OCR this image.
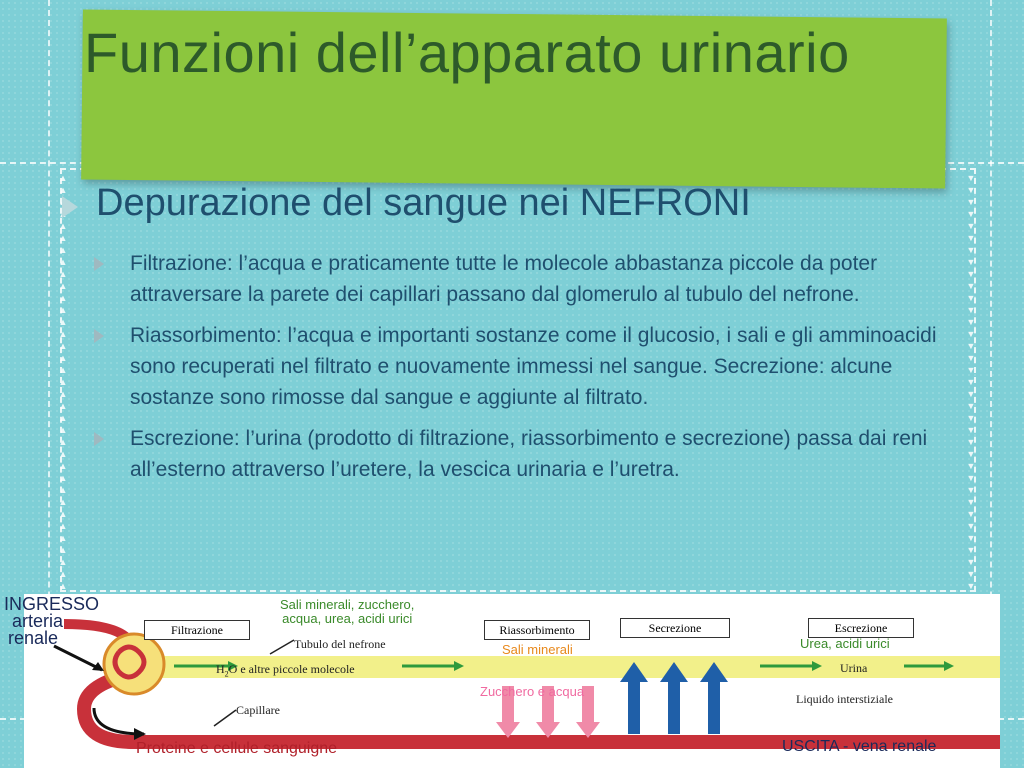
▲ ▲ ▲ ▲ ▲ ▲ ▲ ▲ ▲ ▲ ▲ ▲ ▲ ▲ ▲ ▲ ▲ ▲ ▲ ▲ ▲ ▲ ▲ ▲ ▲ ▲ ▲ ▲ ▲ ▲ ▲ ▲ ▲ ▲ ▲
▼ ▼ ▼ ▼ ▼ ▼ ▼ ▼ ▼ ▼ ▼ ▼ ▼ ▼ ▼ ▼ ▼ ▼ ▼ ▼ ▼ ▼ ▼ ▼ ▼ ▼ ▼ ▼ ▼ ▼ ▼ ▼ ▼ ▼ ▼
Funzioni dell’apparato urinario
Depurazione del sangue nei NEFRONI
Filtrazione: l’acqua e praticamente tutte le molecole abbastanza piccole da poter attraversare la parete dei capillari passano dal glomerulo al tubulo del nefrone.
Riassorbimento: l’acqua e importanti sostanze come il glucosio, i sali e gli amminoacidi sono recuperati nel filtrato e nuovamente immessi nel sangue. Secrezione: alcune sostanze sono rimosse dal sangue e aggiunte al filtrato.
Escrezione: l’urina (prodotto di filtrazione, riassorbimento e secrezione) passa dai reni all’esterno attraverso l’uretere, la vescica urinaria e l’uretra.
INGRESSO
arteria
renale	Filtrazione	Riassorbimento	Secrezione	Escrezione
Sali minerali, zucchero,
acqua, urea, acidi urici
Tubulo del nefrone
$H_2O$ e altre piccole molecole
Capillare
Sali minerali
Zucchero e acqua
Urea, acidi urici
Urina
Liquido interstiziale
Proteine e cellule sanguigne	USCITA - vena renale
